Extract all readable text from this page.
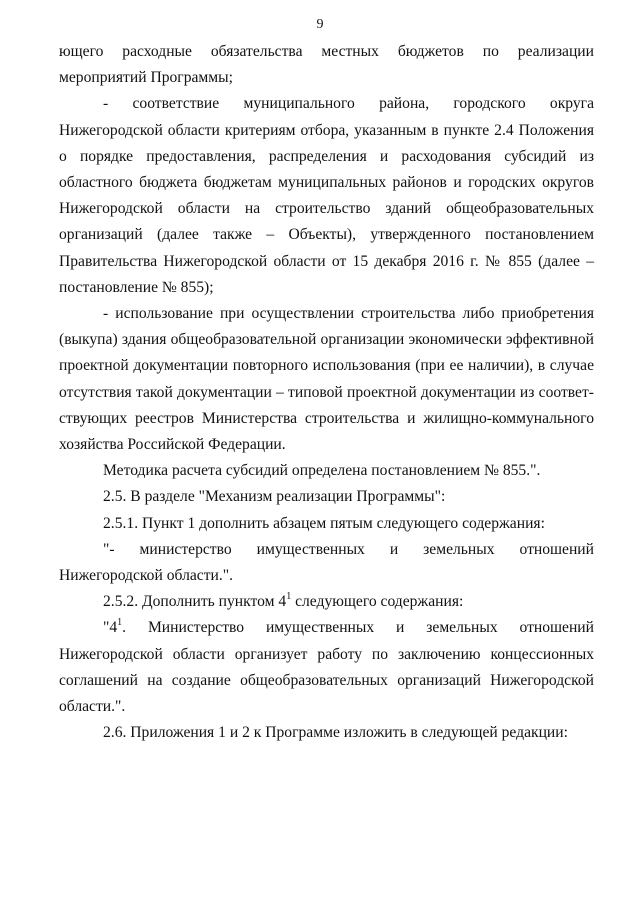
9

ющего расходные обязательства местных бюджетов по реализации мероприятий Программы;

- соответствие муниципального района, городского округа Нижегородской области критериям отбора, указанным в пункте 2.4 Положения о порядке предоставления, распределения и расходования субсидий из областного бюджета бюджетам муниципальных районов и городских округов Нижегородской области на строительство зданий общеобразовательных организаций (далее также – Объекты), утвержденного постановлением Правительства Нижегородской области от 15 декабря 2016 г. № 855 (далее – постановление № 855);

- использование при осуществлении строительства либо приобретения (выкупа) здания общеобразовательной организации экономически эффективной проектной документации повторного использования (при ее наличии), в случае отсутствия такой документации – типовой проектной документации из соответствующих реестров Министерства строительства и жилищно-коммунального хозяйства Российской Федерации.

Методика расчета субсидий определена постановлением № 855.".

2.5. В разделе "Механизм реализации Программы":

2.5.1. Пункт 1 дополнить абзацем пятым следующего содержания:

"- министерство имущественных и земельных отношений Нижегородской области.".

2.5.2. Дополнить пунктом $4^1$ следующего содержания:

"$4^1$. Министерство имущественных и земельных отношений Нижегородской области организует работу по заключению концессионных соглашений на создание общеобразовательных организаций Нижегородской области.".

2.6. Приложения 1 и 2 к Программе изложить в следующей редакции:
